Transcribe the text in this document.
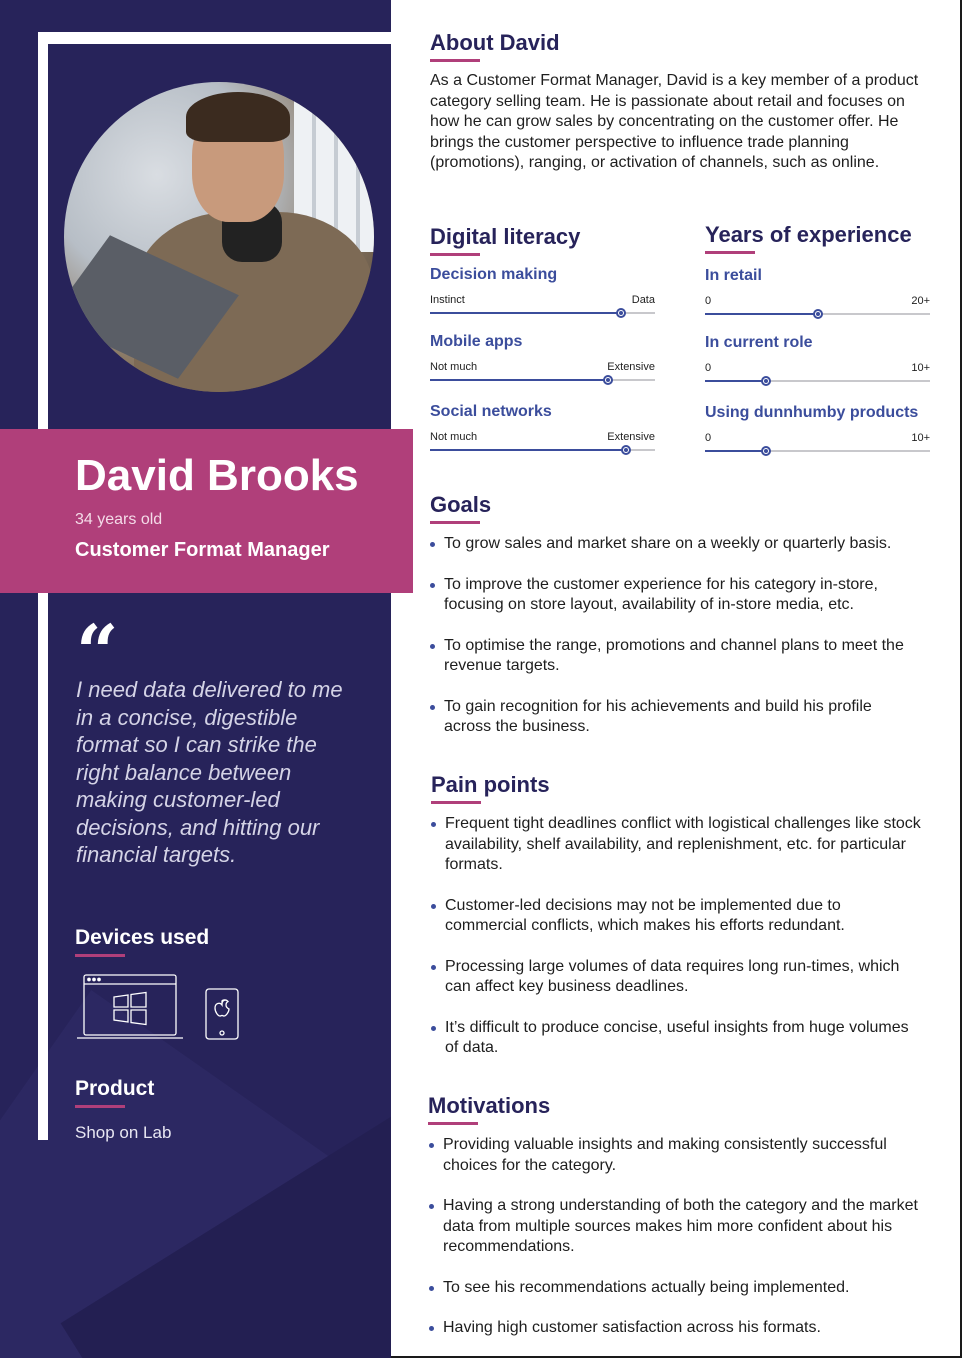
David Brooks
34 years old
Customer Format Manager
“
I need data delivered to me in a concise, digestible format so I can strike the right balance between making customer-led decisions, and hitting our financial targets.
Devices used
Product
Shop on Lab
About David
As a Customer Format Manager, David is a key member of a product category selling team. He is passionate about retail and focuses on how he can grow sales by concentrating on the customer offer. He brings the customer perspective to influence trade planning (promotions), ranging, or activation of channels, such as online.
Digital literacy	Years of experience
Decision making
Instinct	Data
Mobile apps
Not much	Extensive
Social networks
Not much	Extensive
In retail
0	20+
In current role
0	10+
Using dunnhumby products
0	10+
Goals
To grow sales and market share on a weekly or quarterly basis.
To improve the customer experience for his category in-store, focusing on store layout, availability of in-store media, etc.
To optimise the range, promotions and channel plans to meet the revenue targets.
To gain recognition for his achievements and build his profile across the business.
Pain points
Frequent tight deadlines conflict with logistical challenges like stock availability, shelf availability, and replenishment, etc. for particular formats.
Customer-led decisions may not be implemented due to commercial conflicts, which makes his efforts redundant.
Processing large volumes of data requires long run-times, which can affect key business deadlines.
It’s difficult to produce concise, useful insights from huge volumes of data.
Motivations
Providing valuable insights and making consistently successful choices for the category.
Having a strong understanding of both the category and the market data from multiple sources makes him more confident about his recommendations.
To see his recommendations actually being implemented.
Having high customer satisfaction across his formats.
